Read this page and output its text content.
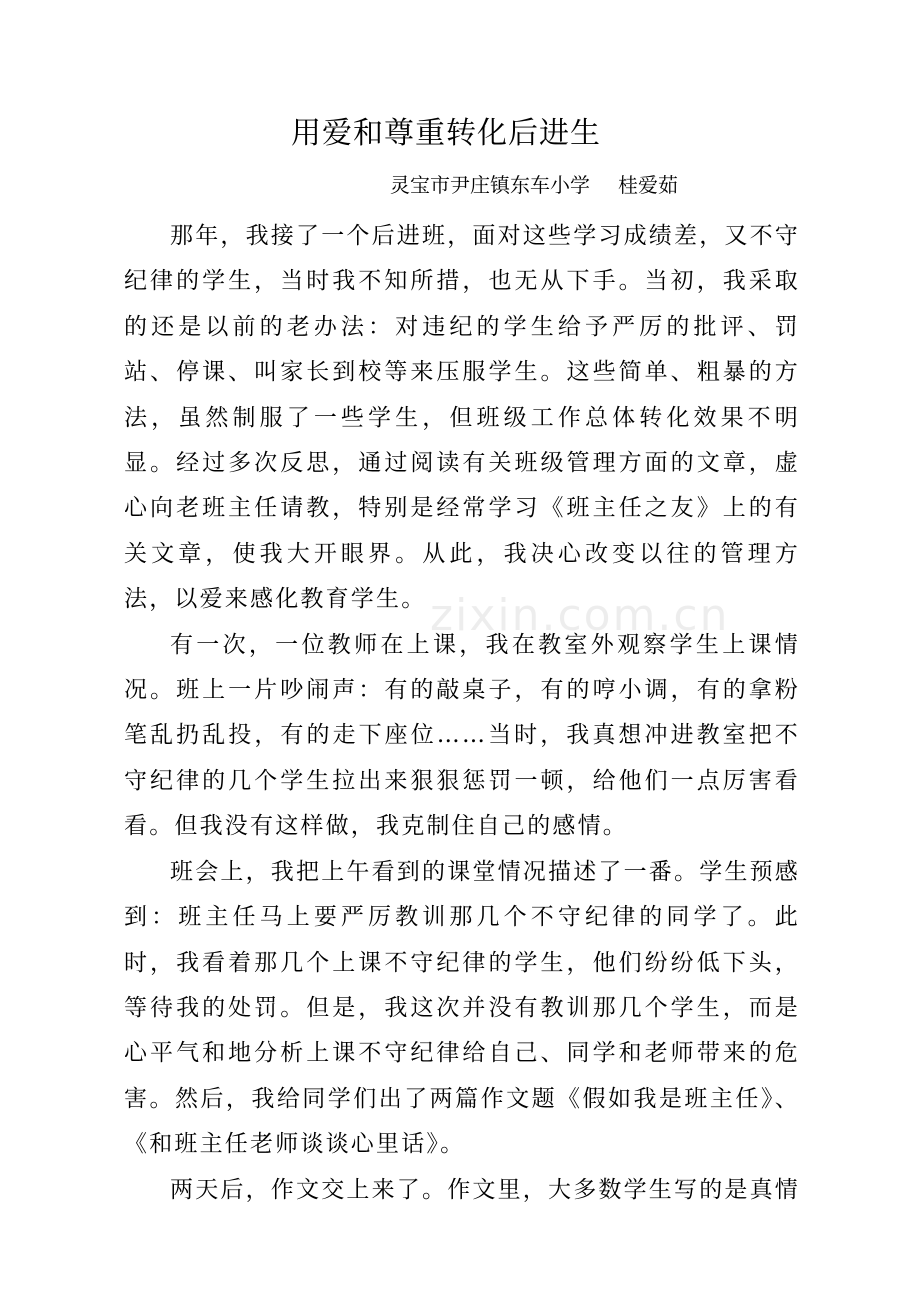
用爱和尊重转化后进生
灵宝市尹庄镇东车小学 桂爱茹

那年，我接了一个后进班，面对这些学习成绩差，又不守纪律的学生，当时我不知所措，也无从下手。当初，我采取的还是以前的老办法：对违纪的学生给予严厉的批评、罚站、停课、叫家长到校等来压服学生。这些简单、粗暴的方法，虽然制服了一些学生，但班级工作总体转化效果不明显。经过多次反思，通过阅读有关班级管理方面的文章，虚心向老班主任请教，特别是经常学习《班主任之友》上的有关文章，使我大开眼界。从此，我决心改变以往的管理方法，以爱来感化教育学生。

有一次，一位教师在上课，我在教室外观察学生上课情况。班上一片吵闹声：有的敲桌子，有的哼小调，有的拿粉笔乱扔乱投，有的走下座位……当时，我真想冲进教室把不守纪律的几个学生拉出来狠狠惩罚一顿，给他们一点厉害看看。但我没有这样做，我克制住自己的感情。

班会上，我把上午看到的课堂情况描述了一番。学生预感到：班主任马上要严厉教训那几个不守纪律的同学了。此时，我看着那几个上课不守纪律的学生，他们纷纷低下头，等待我的处罚。但是，我这次并没有教训那几个学生，而是心平气和地分析上课不守纪律给自己、同学和老师带来的危害。然后，我给同学们出了两篇作文题《假如我是班主任》、《和班主任老师谈谈心里话》。

两天后，作文交上来了。作文里，大多数学生写的是真情

zixin.com.cn
